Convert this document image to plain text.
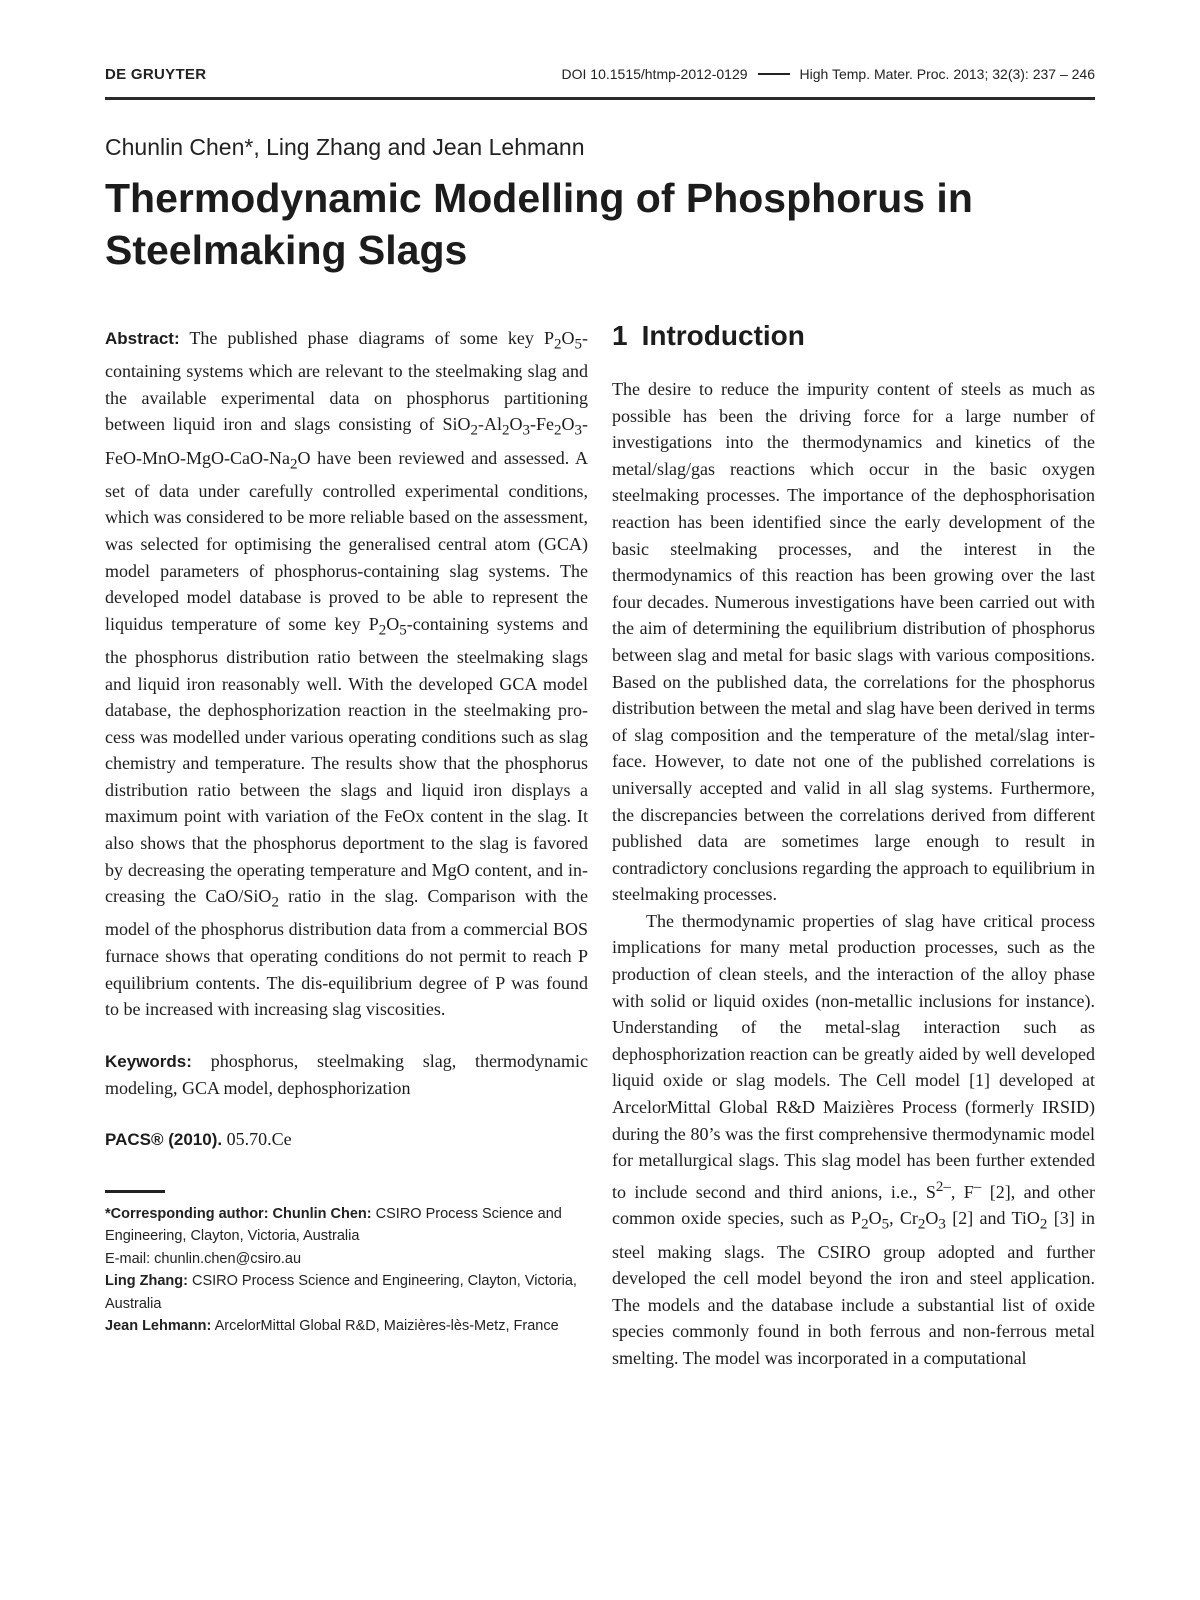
DE GRUYTER	DOI 10.1515/htmp-2012-0129	High Temp. Mater. Proc. 2013; 32(3): 237 – 246
Chunlin Chen*, Ling Zhang and Jean Lehmann
Thermodynamic Modelling of Phosphorus in Steelmaking Slags

Abstract: The published phase diagrams of some key $P_2O_5$-containing systems which are relevant to the steelmaking slag and the available experimental data on phosphorus partitioning between liquid iron and slags consisting of $SiO_2-Al_2O_3-Fe_2O_3-FeO-MnO-MgO-CaO-Na_2O$ have been reviewed and assessed. A set of data under carefully controlled experimental conditions, which was considered to be more reliable based on the assessment, was selected for optimising the generalised central atom (GCA) model parameters of phosphorus-containing slag systems. The developed model database is proved to be able to represent the liquidus temperature of some key $P_2O_5$-containing systems and the phosphorus distribution ratio between the steelmaking slags and liquid iron reasonably well. With the developed GCA model database, the dephosphorization reaction in the steelmaking process was modelled under various operating conditions such as slag chemistry and temperature. The results show that the phosphorus distribution ratio between the slags and liquid iron displays a maximum point with variation of the FeOx content in the slag. It also shows that the phosphorus deportment to the slag is favored by decreasing the operating temperature and MgO content, and increasing the CaO/SiO$_2$ ratio in the slag. Comparison with the model of the phosphorus distribution data from a commercial BOS furnace shows that operating conditions do not permit to reach P equilibrium contents. The dis-equilibrium degree of P was found to be increased with increasing slag viscosities.

Keywords: phosphorus, steelmaking slag, thermodynamic modeling, GCA model, dephosphorization

PACS® (2010). 05.70.Ce

*Corresponding author: Chunlin Chen: CSIRO Process Science and Engineering, Clayton, Victoria, Australia

E-mail: chunlin.chen@csiro.au

Ling Zhang: CSIRO Process Science and Engineering, Clayton, Victoria, Australia

Jean Lehmann: ArcelorMittal Global R&D, Maizières-lès-Metz, France

1 Introduction

The desire to reduce the impurity content of steels as much as possible has been the driving force for a large number of investigations into the thermodynamics and kinetics of the metal/slag/gas reactions which occur in the basic oxygen steelmaking processes. The importance of the dephosphorisation reaction has been identified since the early development of the basic steelmaking processes, and the interest in the thermodynamics of this reaction has been growing over the last four decades. Numerous investigations have been carried out with the aim of determining the equilibrium distribution of phosphorus between slag and metal for basic slags with various compositions. Based on the published data, the correlations for the phosphorus distribution between the metal and slag have been derived in terms of slag composition and the temperature of the metal/slag interface. However, to date not one of the published correlations is universally accepted and valid in all slag systems. Furthermore, the discrepancies between the correlations derived from different published data are sometimes large enough to result in contradictory conclusions regarding the approach to equilibrium in steelmaking processes.

The thermodynamic properties of slag have critical process implications for many metal production processes, such as the production of clean steels, and the interaction of the alloy phase with solid or liquid oxides (non-metallic inclusions for instance). Understanding of the metal-slag interaction such as dephosphorization reaction can be greatly aided by well developed liquid oxide or slag models. The Cell model [1] developed at ArcelorMittal Global R&D Maizières Process (formerly IRSID) during the 80’s was the first comprehensive thermodynamic model for metallurgical slags. This slag model has been further extended to include second and third anions, i.e., $S^{2-}$, F– [2], and other common oxide species, such as $P_2O_5$, $Cr_2O_3$ [2] and TiO$_2$ [3] in steel making slags. The CSIRO group adopted and further developed the cell model beyond the iron and steel application. The models and the database include a substantial list of oxide species commonly found in both ferrous and non-ferrous metal smelting. The model was incorporated in a computational
